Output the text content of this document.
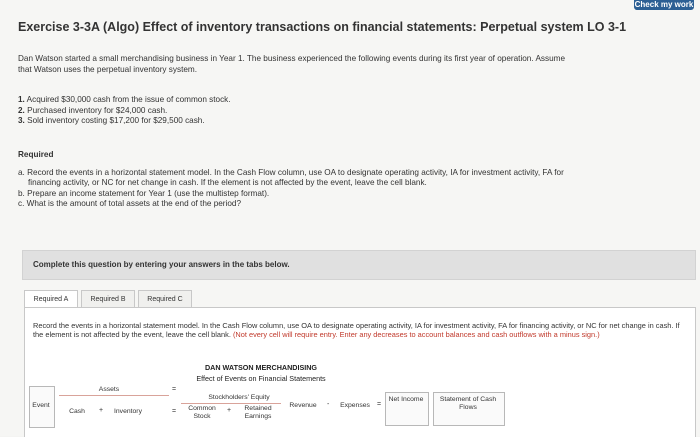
Check my work
Exercise 3-3A (Algo) Effect of inventory transactions on financial statements: Perpetual system LO 3-1
Dan Watson started a small merchandising business in Year 1. The business experienced the following events during its first year of operation. Assume that Watson uses the perpetual inventory system.
1. Acquired $30,000 cash from the issue of common stock.
2. Purchased inventory for $24,000 cash.
3. Sold inventory costing $17,200 for $29,500 cash.
Required
a. Record the events in a horizontal statement model. In the Cash Flow column, use OA to designate operating activity, IA for investment activity, FA for financing activity, or NC for net change in cash. If the element is not affected by the event, leave the cell blank.
b. Prepare an income statement for Year 1 (use the multistep format).
c. What is the amount of total assets at the end of the period?
Complete this question by entering your answers in the tabs below.
Required A	Required B	Required C
Record the events in a horizontal statement model. In the Cash Flow column, use OA to designate operating activity, IA for investment activity, FA for financing activity, or NC for net change in cash. If the element is not affected by the event, leave the cell blank. (Not every cell will require entry. Enter any decreases to account balances and cash outflows with a minus sign.)
DAN WATSON MERCHANDISING
Effect of Events on Financial Statements
Event
Assets
Cash	+	Inventory
=
=
Stockholders' Equity
Common Stock
+	Retained Earnings
Revenue	-	Expenses	=
Net Income	Statement of Cash Flows
